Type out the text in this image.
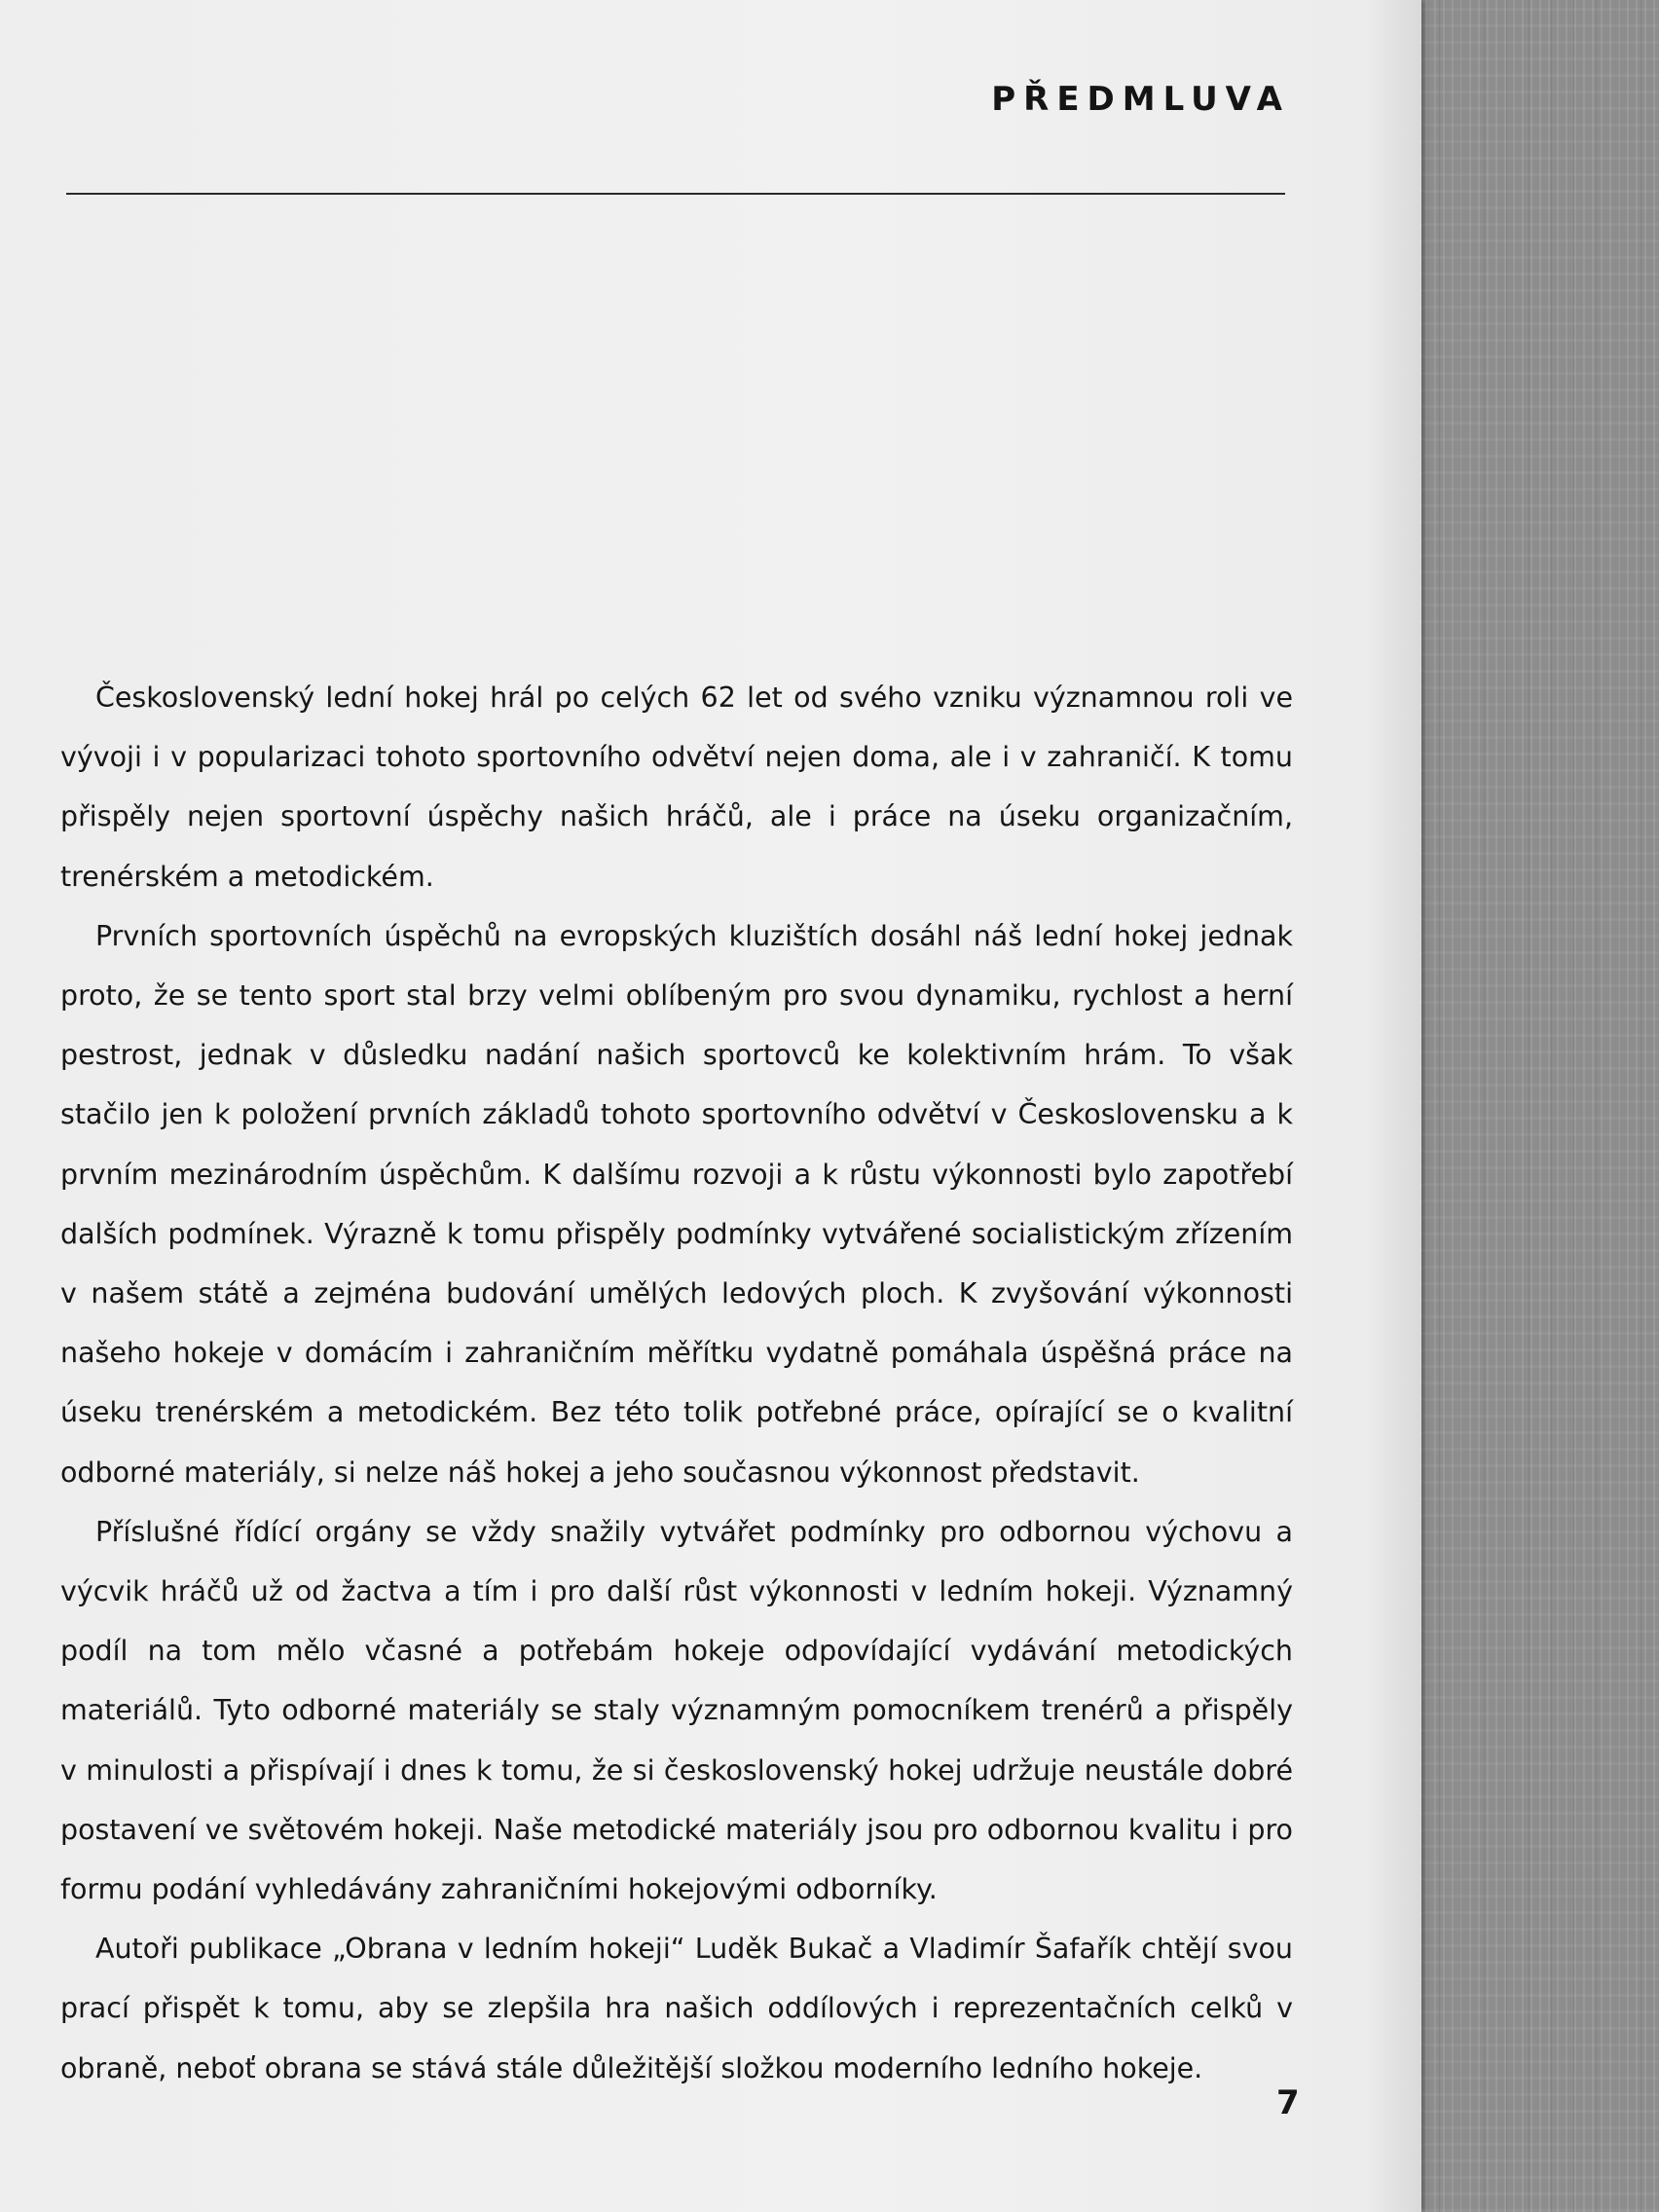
PŘEDMLUVA

Československý lední hokej hrál po celých 62 let od svého vzniku významnou roli ve vývoji i v popularizaci tohoto sportovního odvětví nejen doma, ale i v zahraničí. K tomu přispěly nejen sportovní úspěchy našich hráčů, ale i práce na úseku organizačním, trenérském a metodickém.

Prvních sportovních úspěchů na evropských kluzištích dosáhl náš lední hokej jednak proto, že se tento sport stal brzy velmi oblíbeným pro svou dynamiku, rychlost a herní pestrost, jednak v důsledku nadání našich sportovců ke kolektivním hrám. To však stačilo jen k položení prvních základů tohoto sportovního odvětví v Československu a k prvním mezinárodním úspěchům. K dalšímu rozvoji a k růstu výkonnosti bylo zapotřebí dalších podmínek. Výrazně k tomu přispěly podmínky vytvářené socialistickým zřízením v našem státě a zejména budování umělých ledových ploch. K zvyšování výkonnosti našeho hokeje v domácím i zahraničním měřítku vydatně pomáhala úspěšná práce na úseku trenérském a metodickém. Bez této tolik potřebné práce, opírající se o kvalitní odborné materiály, si nelze náš hokej a jeho současnou výkonnost představit.

Příslušné řídící orgány se vždy snažily vytvářet podmínky pro odbornou výchovu a výcvik hráčů už od žactva a tím i pro další růst výkonnosti v ledním hokeji. Významný podíl na tom mělo včasné a potřebám hokeje odpovídající vydávání metodických materiálů. Tyto odborné materiály se staly významným pomocníkem trenérů a přispěly v minulosti a přispívají i dnes k tomu, že si československý hokej udržuje neustále dobré postavení ve světovém hokeji. Naše metodické materiály jsou pro odbornou kvalitu i pro formu podání vyhledávány zahraničními hokejovými odborníky.

Autoři publikace „Obrana v ledním hokeji“ Luděk Bukač a Vladimír Šafařík chtějí svou prací přispět k tomu, aby se zlepšila hra našich oddílových i reprezentačních celků v obraně, neboť obrana se stává stále důležitější složkou moderního ledního hokeje.

7
